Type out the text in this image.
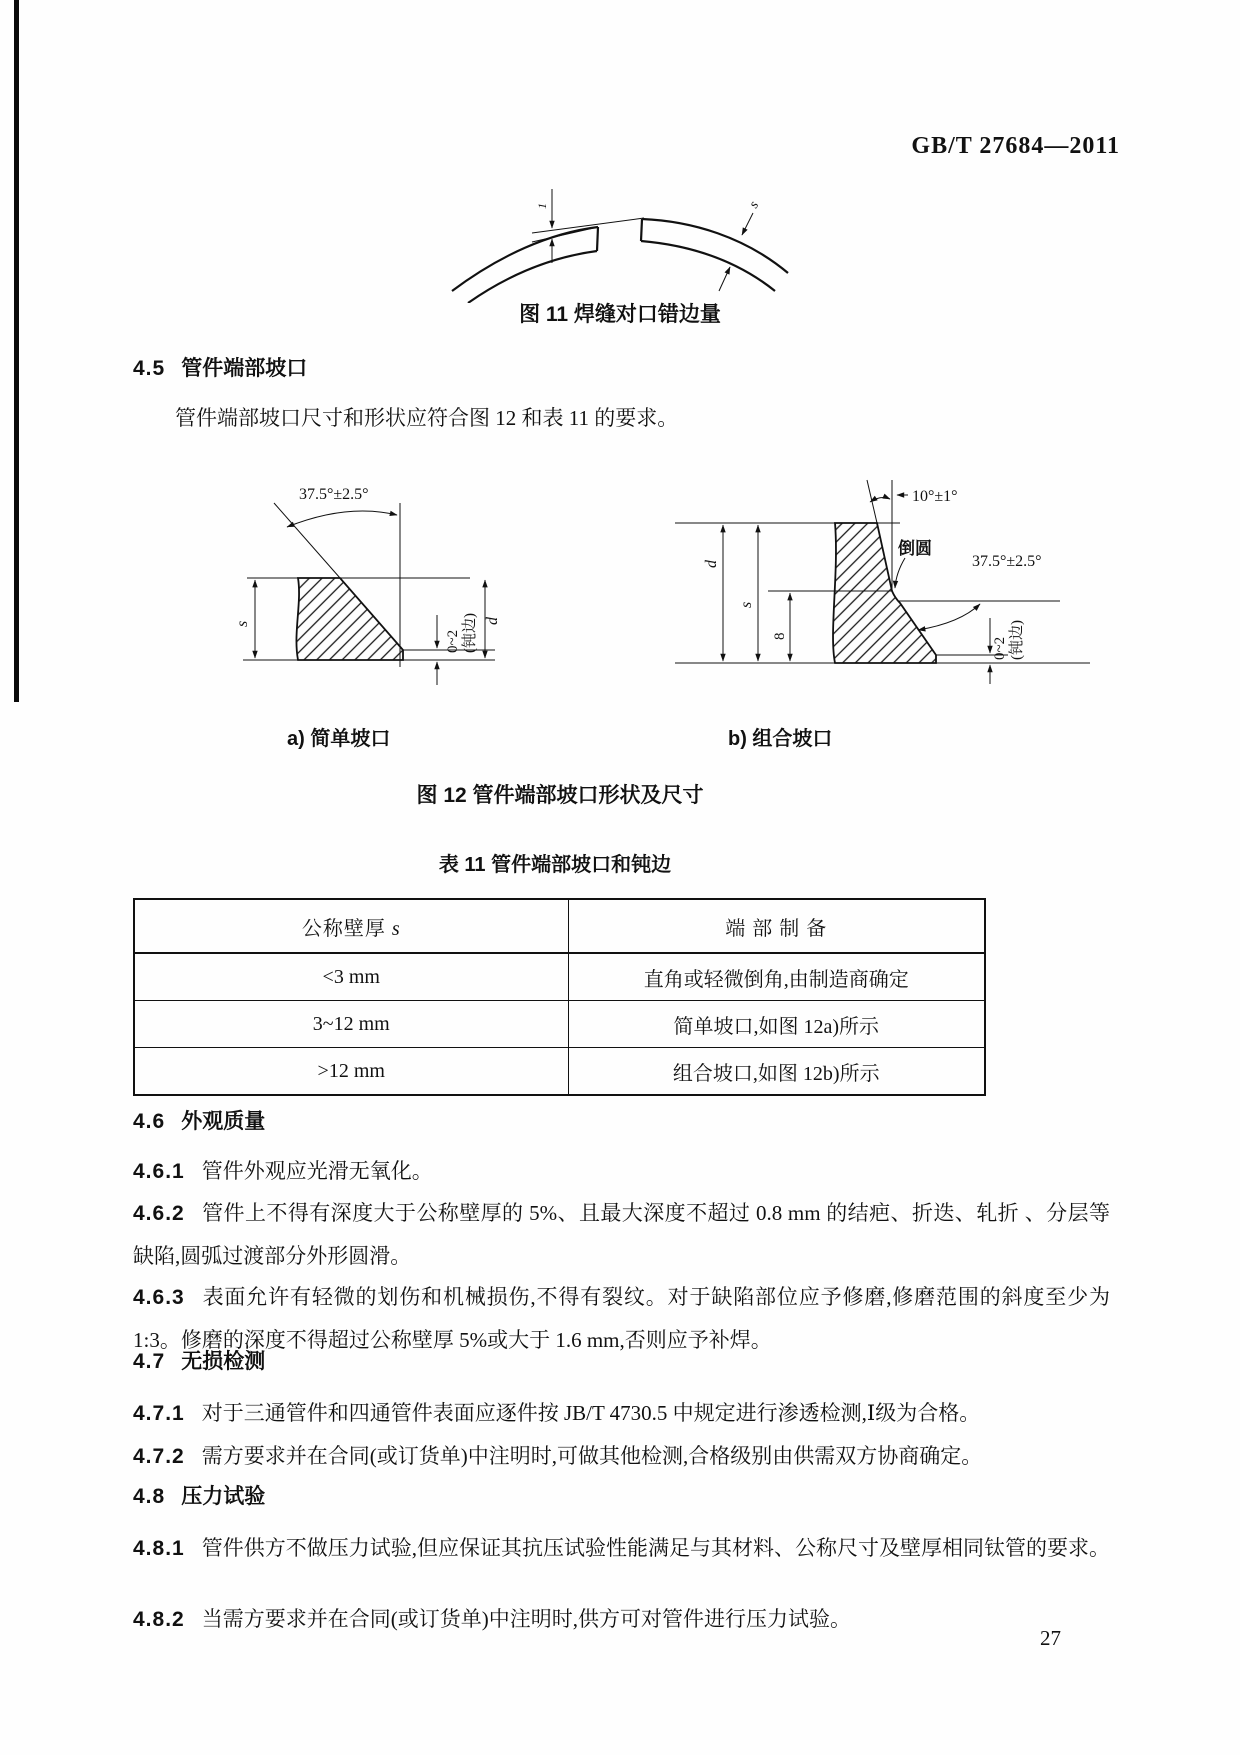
GB/T 27684—2011
1	s
图 11 焊缝对口错边量
4.5 管件端部坡口
管件端部坡口尺寸和形状应符合图 12 和表 11 的要求。
37.5°±2.5°
s	d
0~2 (钝边)
10°±1°
倒圆
37.5°±2.5°
d
s
8
0~2 (钝边)
a) 简单坡口	b) 组合坡口
图 12 管件端部坡口形状及尺寸
表 11 管件端部坡口和钝边
公称壁厚 s	端 部 制 备
<3 mm	直角或轻微倒角,由制造商确定
3~12 mm	简单坡口,如图 12a)所示
>12 mm	组合坡口,如图 12b)所示
4.6 外观质量
4.6.1 管件外观应光滑无氧化。
4.6.2 管件上不得有深度大于公称壁厚的 5%、且最大深度不超过 0.8 mm 的结疤、折迭、轧折 、分层等缺陷,圆弧过渡部分外形圆滑。
4.6.3 表面允许有轻微的划伤和机械损伤,不得有裂纹。对于缺陷部位应予修磨,修磨范围的斜度至少为 1:3。修磨的深度不得超过公称壁厚 5%或大于 1.6 mm,否则应予补焊。
4.7 无损检测
4.7.1 对于三通管件和四通管件表面应逐件按 JB/T 4730.5 中规定进行渗透检测,Ⅰ级为合格。
4.7.2 需方要求并在合同(或订货单)中注明时,可做其他检测,合格级别由供需双方协商确定。
4.8 压力试验
4.8.1 管件供方不做压力试验,但应保证其抗压试验性能满足与其材料、公称尺寸及壁厚相同钛管的要求。
4.8.2 当需方要求并在合同(或订货单)中注明时,供方可对管件进行压力试验。
27
